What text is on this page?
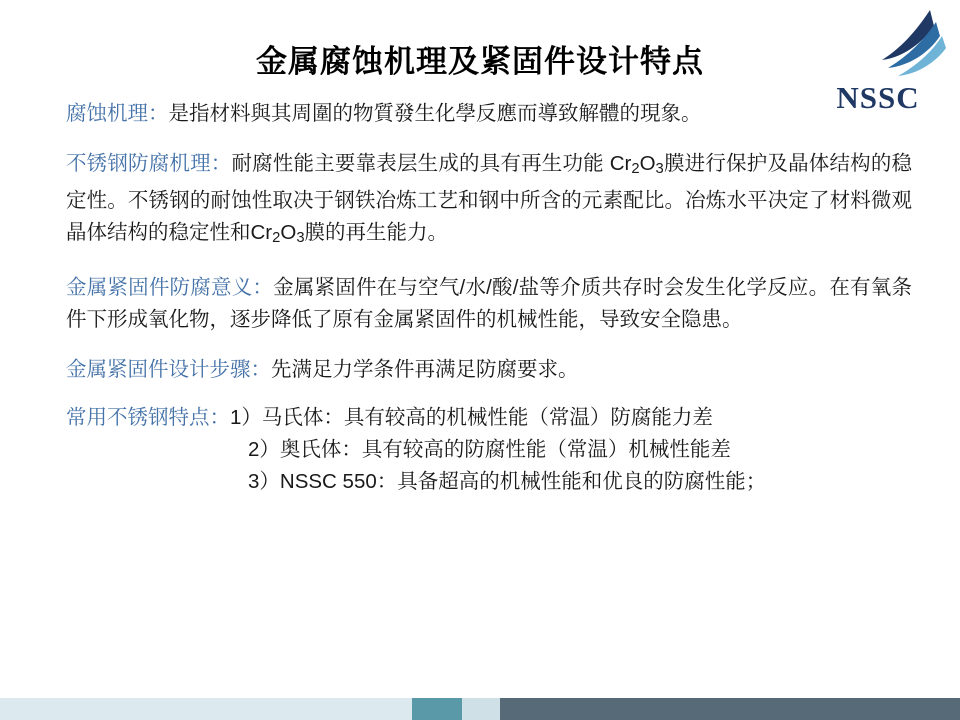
NSSC
金属腐蚀机理及紧固件设计特点
腐蚀机理：是指材料與其周圍的物質發生化學反應而導致解體的現象。
不锈钢防腐机理：耐腐性能主要靠表层生成的具有再生功能 $Cr_2O_3$膜进行保护及晶体结构的稳定性。不锈钢的耐蚀性取决于钢铁冶炼工艺和钢中所含的元素配比。冶炼水平决定了材料微观晶体结构的稳定性和$Cr_2O_3$膜的再生能力。
金属紧固件防腐意义：金属紧固件在与空气/水/酸/盐等介质共存时会发生化学反应。在有氧条件下形成氧化物，逐步降低了原有金属紧固件的机械性能，导致安全隐患。
金属紧固件设计步骤：先满足力学条件再满足防腐要求。
常用不锈钢特点：1）马氏体：具有较高的机械性能（常温）防腐能力差
2）奥氏体：具有较高的防腐性能（常温）机械性能差
3）NSSC 550：具备超高的机械性能和优良的防腐性能；
